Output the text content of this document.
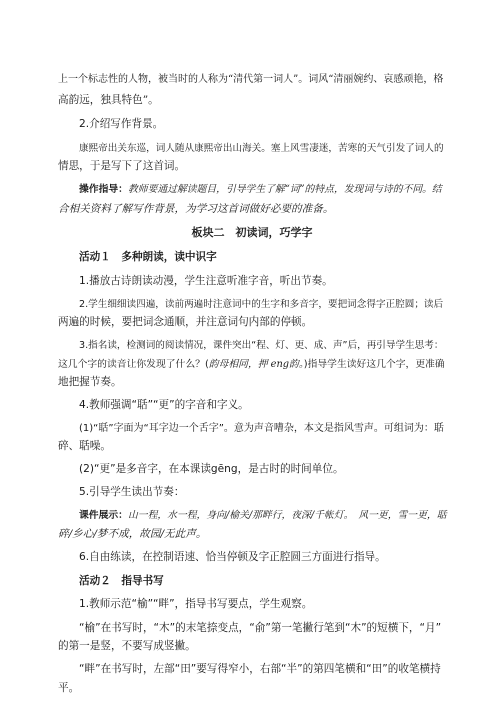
上一个标志性的人物，被当时的人称为“清代第一词人”。词风“清丽婉约、哀感顽艳，格

高韵远，独具特色”。

2.介绍写作背景。

康熙帝出关东巡，词人随从康熙帝出山海关。塞上风雪凄迷，苦寒的天气引发了词人的

情思，于是写下了这首词。

操作指导：教师要通过解读题目，引导学生了解“词”的特点，发现词与诗的不同。结

合相关资料了解写作背景，为学习这首词做好必要的准备。

板块二　初读词，巧学字

活动１　多种朗读，读中识字

1.播放古诗朗读动漫，学生注意听准字音，听出节奏。

2.学生细细读四遍，读前两遍时注意词中的生字和多音字，要把词念得字正腔圆；读后

两遍的时候，要把词念通顺，并注意词句内部的停顿。

3.指名读，检测词的阅读情况，课件突出“程、灯、更、成、声”后，再引导学生思考：

这几个字的读音让你发现了什么？(韵母相同，押 eng韵。)指导学生读好这几个字，更准确

地把握节奏。

4.教师强调“聒”“更”的字音和字义。

(1)“聒”字面为“耳字边一个舌字”。意为声音嘈杂，本文是指风雪声。可组词为：聒

碎、聒噪。

(2)“更”是多音字，在本课读gēng，是古时的时间单位。

5.引导学生读出节奏：

课件展示：山一程，水一程，身向/榆关/那畔行，夜深/千帐灯。　风一更，雪一更，聒

碎/乡心/梦不成，故园/无此声。

6.自由练读，在控制语速、恰当停顿及字正腔圆三方面进行指导。

活动２　指导书写

1.教师示范“榆”“畔”，指导书写要点，学生观察。

“榆”在书写时，“木”的末笔捺变点，“俞”第一笔撇行笔到“木”的短横下，“月”

的第一是竖，不要写成竖撇。

“畔”在书写时，左部“田”要写得窄小，右部“半”的第四笔横和“田”的收笔横持

平。
